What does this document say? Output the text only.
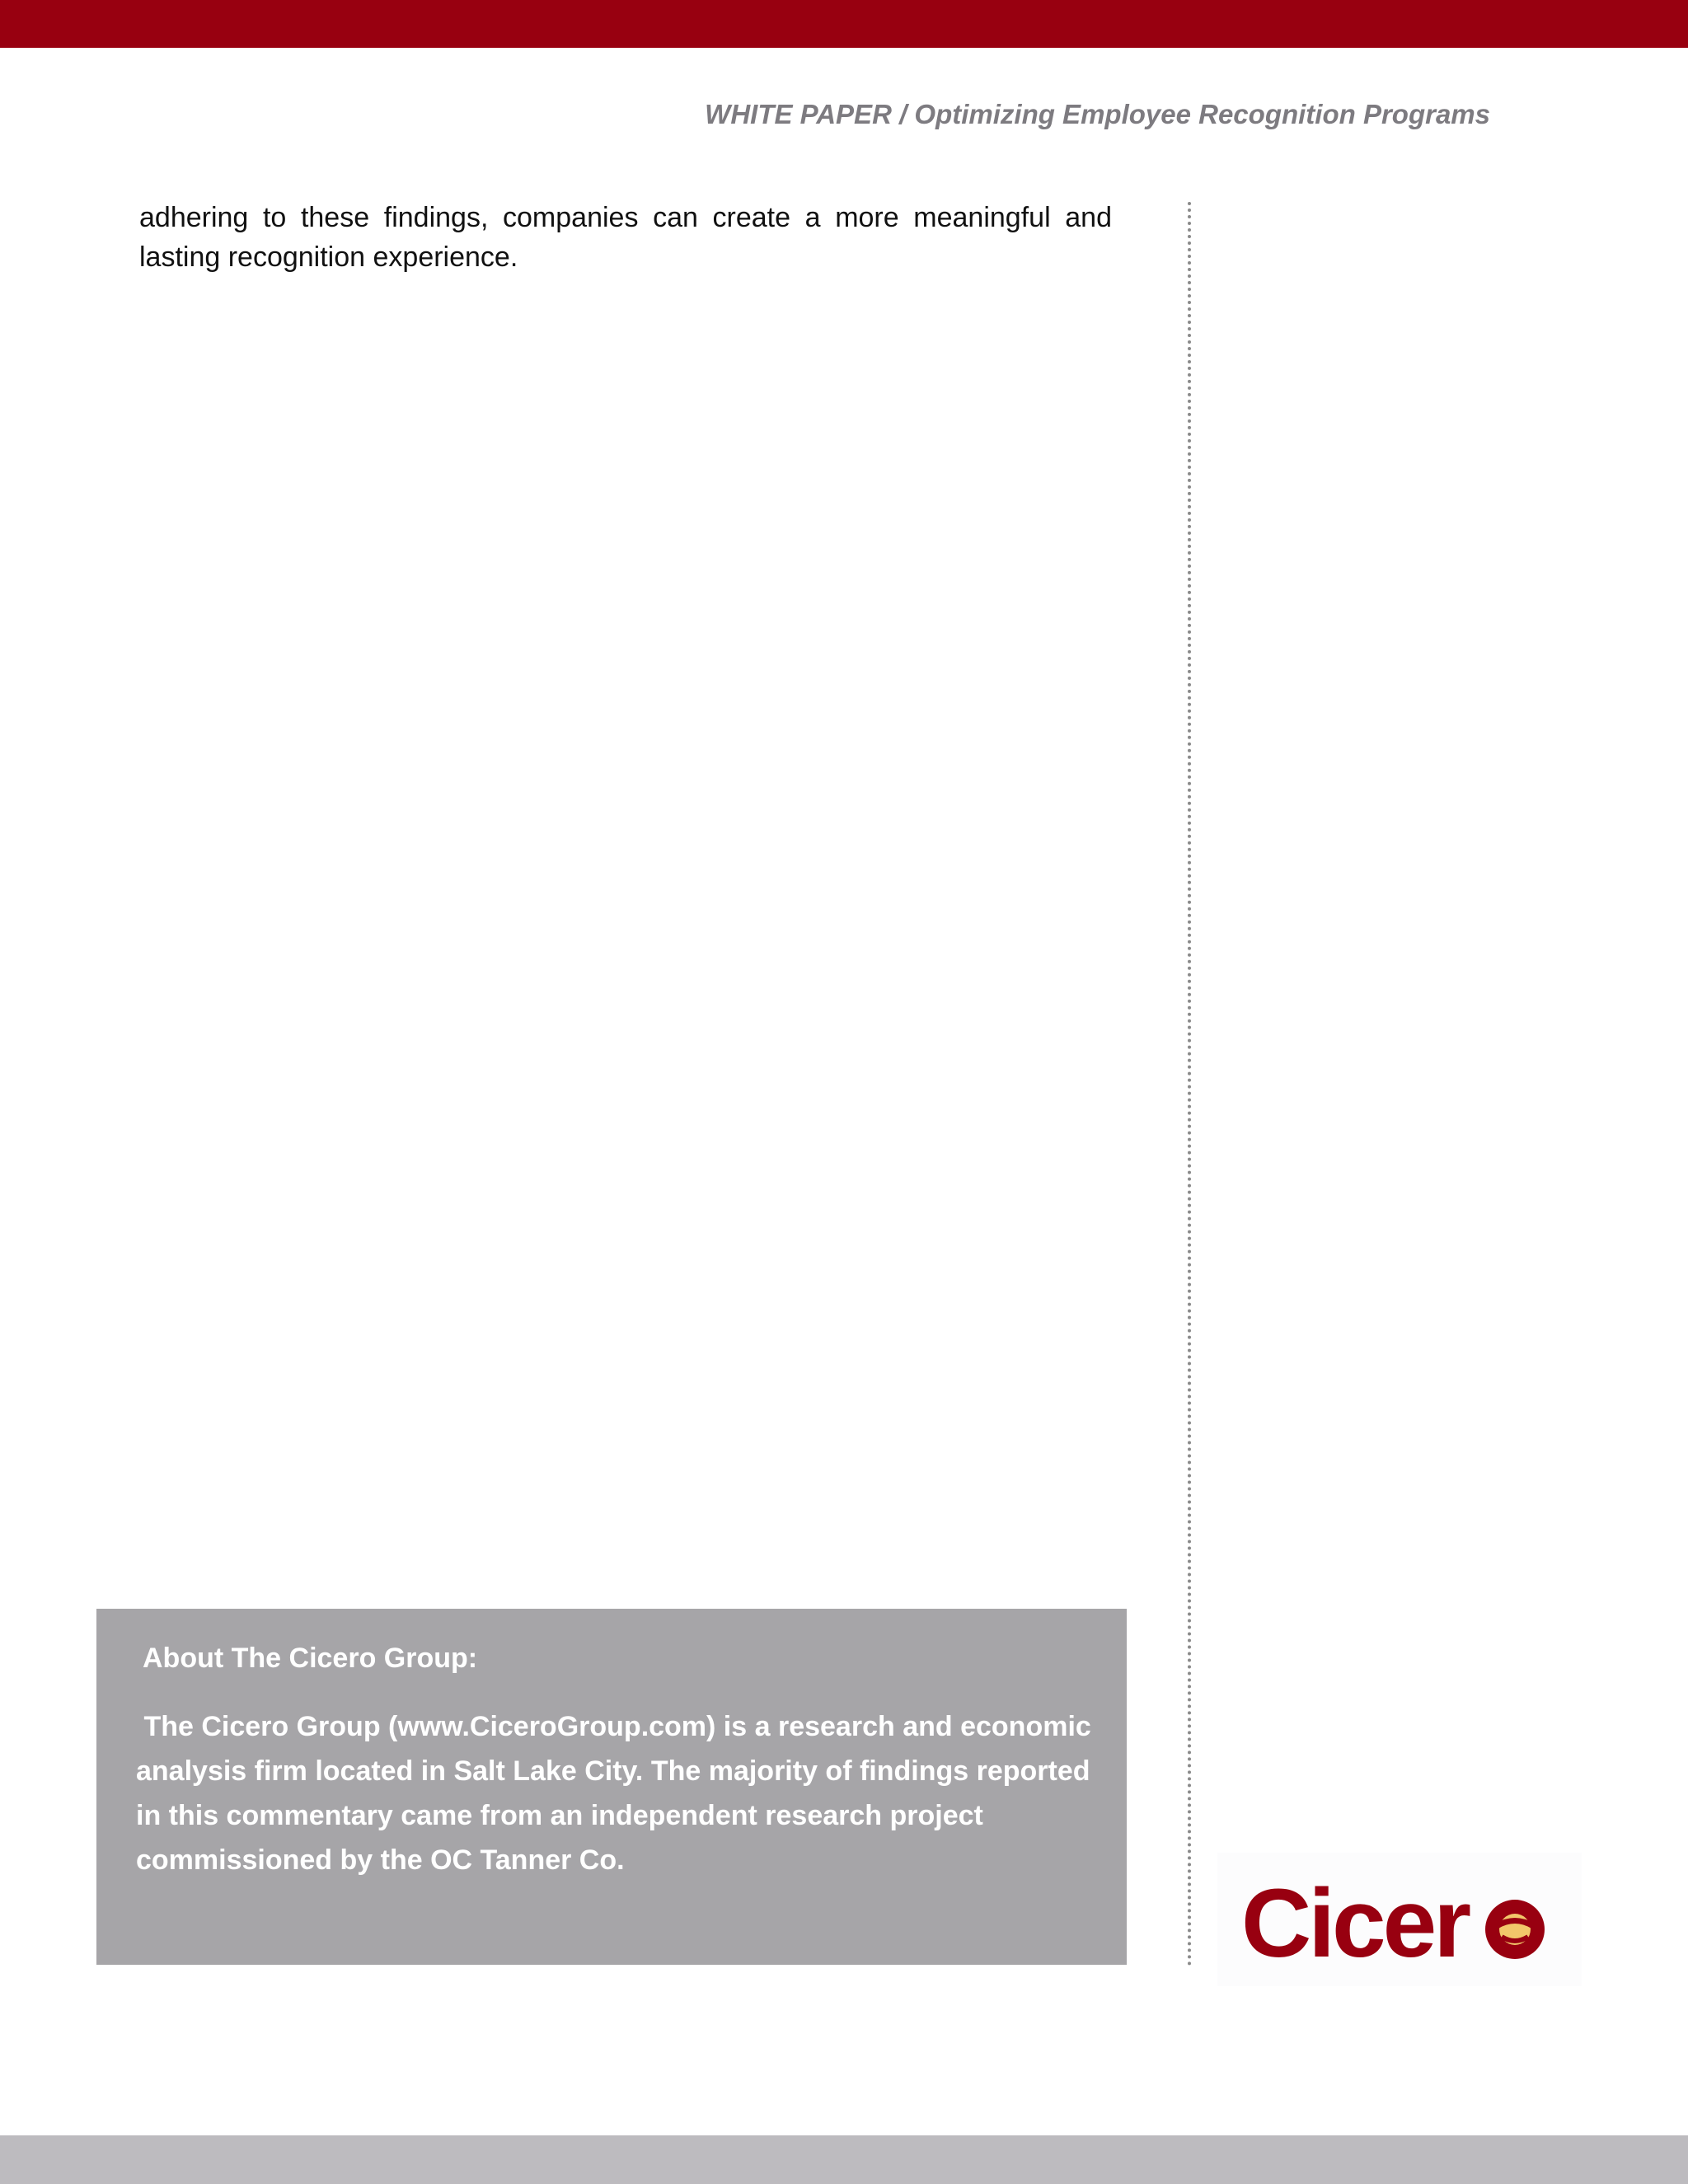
WHITE PAPER / Optimizing Employee Recognition Programs
adhering to these findings, companies can create a more meaningful and lasting recognition experience.
About The Cicero Group:

The Cicero Group (www.CiceroGroup.com) is a research and economic analysis firm located in Salt Lake City. The majority of findings reported in this commentary came from an independent research project commissioned by the OC Tanner Co.

Cicer
